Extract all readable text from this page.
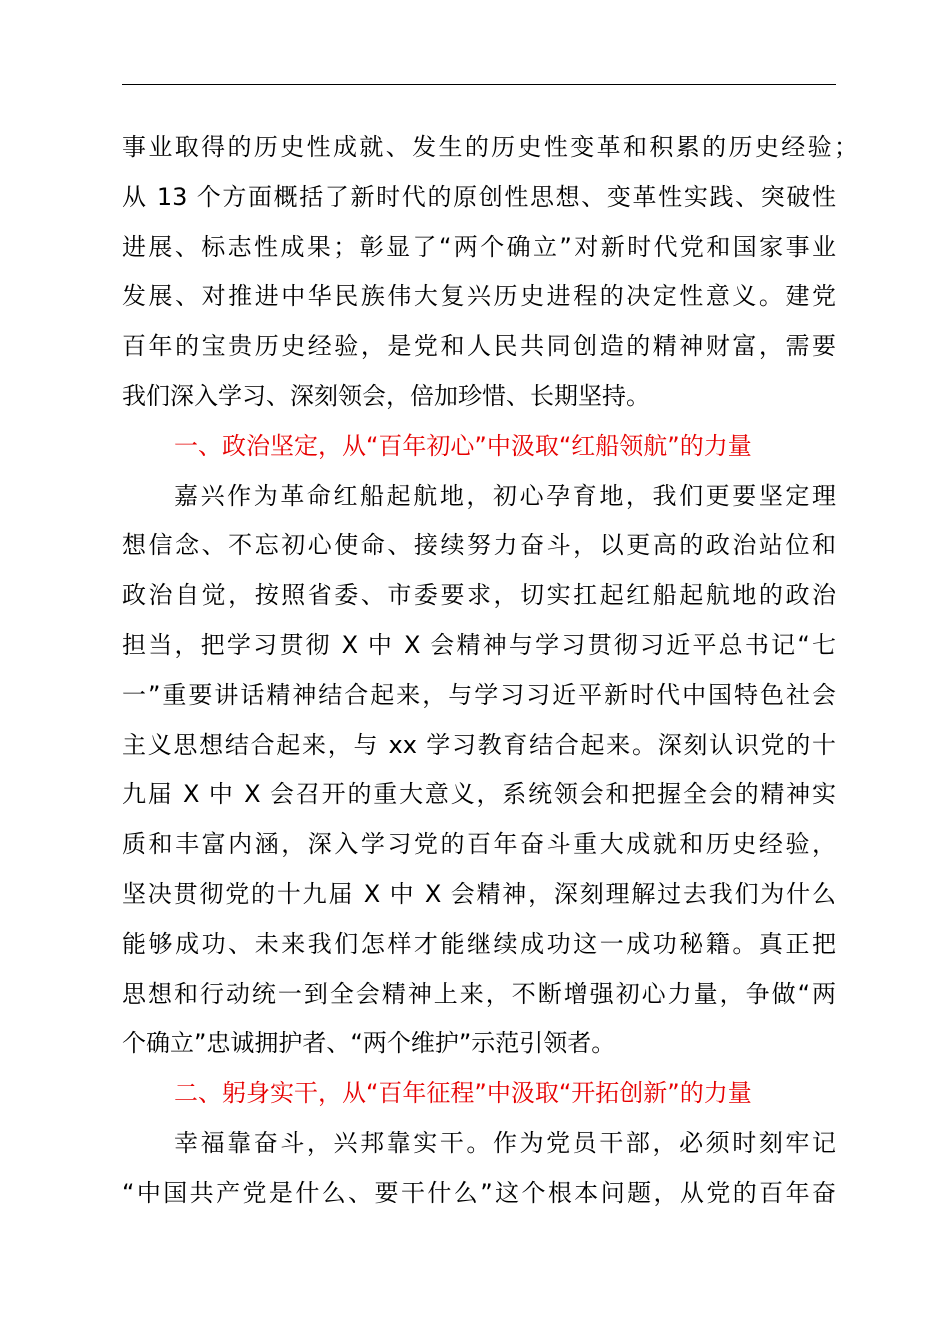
事业取得的历史性成就、发生的历史性变革和积累的历史经验；
从 13 个方面概括了新时代的原创性思想、变革性实践、突破性
进展、标志性成果；彰显了“两个确立”对新时代党和国家事业
发展、对推进中华民族伟大复兴历史进程的决定性意义。建党
百年的宝贵历史经验，是党和人民共同创造的精神财富，需要
我们深入学习、深刻领会，倍加珍惜、长期坚持。
一、政治坚定，从“百年初心”中汲取“红船领航”的力量
嘉兴作为革命红船起航地，初心孕育地，我们更要坚定理
想信念、不忘初心使命、接续努力奋斗，以更高的政治站位和
政治自觉，按照省委、市委要求，切实扛起红船起航地的政治
担当，把学习贯彻 X 中 X 会精神与学习贯彻习近平总书记“七
一”重要讲话精神结合起来，与学习习近平新时代中国特色社会
主义思想结合起来，与 xx 学习教育结合起来。深刻认识党的十
九届 X 中 X 会召开的重大意义，系统领会和把握全会的精神实
质和丰富内涵，深入学习党的百年奋斗重大成就和历史经验，
坚决贯彻党的十九届 X 中 X 会精神，深刻理解过去我们为什么
能够成功、未来我们怎样才能继续成功这一成功秘籍。真正把
思想和行动统一到全会精神上来，不断增强初心力量，争做“两
个确立”忠诚拥护者、“两个维护”示范引领者。
二、躬身实干，从“百年征程”中汲取“开拓创新”的力量
幸福靠奋斗，兴邦靠实干。作为党员干部，必须时刻牢记
“中国共产党是什么、要干什么”这个根本问题，从党的百年奋
